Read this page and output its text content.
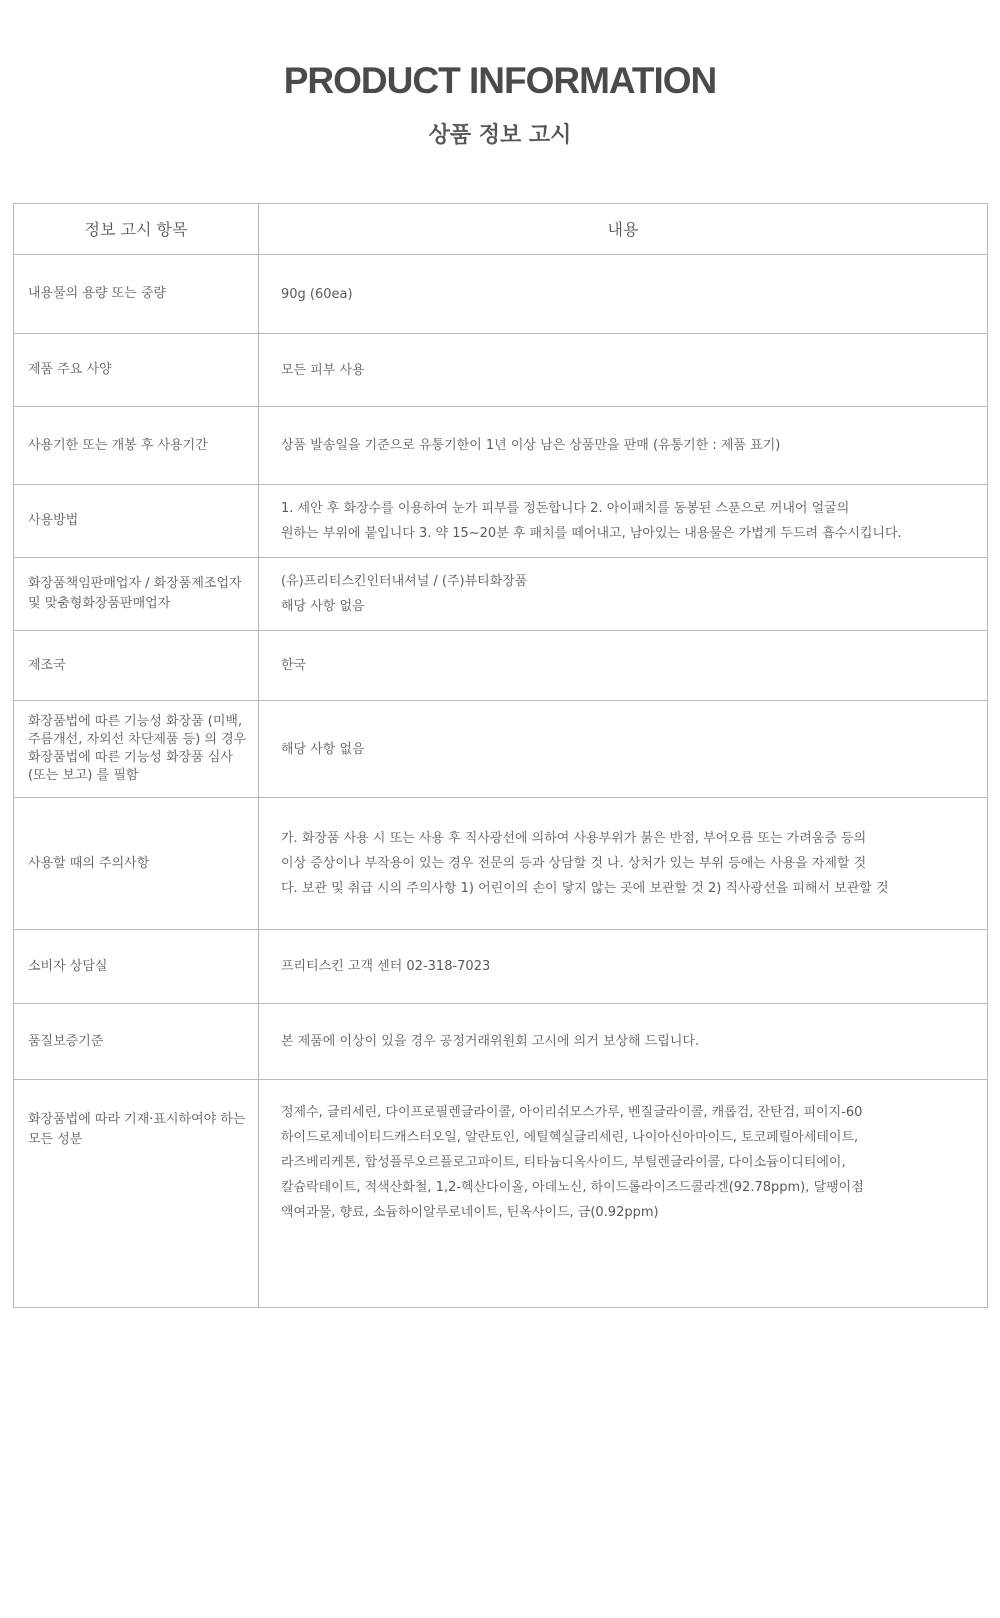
PRODUCT INFORMATION
상품 정보 고시
정보 고시 항목	내용
내용물의 용량 또는 중량	90g (60ea)
제품 주요 사양	모든 피부 사용
사용기한 또는 개봉 후 사용기간	상품 발송일을 기준으로 유통기한이 1년 이상 남은 상품만을 판매 (유통기한 : 제품 표기)
사용방법	1. 세안 후 화장수를 이용하여 눈가 피부를 정돈합니다 2. 아이패치를 동봉된 스푼으로 꺼내어 얼굴의
원하는 부위에 붙입니다 3. 약 15~20분 후 패치를 떼어내고, 남아있는 내용물은 가볍게 두드려 흡수시킵니다.
화장품책임판매업자 / 화장품제조업자
및 맞춤형화장품판매업자	(유)프리티스킨인터내셔널 / (주)뷰티화장품
해당 사항 없음
제조국	한국
화장품법에 따른 기능성 화장품 (미백,
주름개선, 자외선 차단제품 등) 의 경우
화장품법에 따른 기능성 화장품 심사
(또는 보고) 를 필함	해당 사항 없음
사용할 때의 주의사항	가. 화장품 사용 시 또는 사용 후 직사광선에 의하여 사용부위가 붉은 반점, 부어오름 또는 가려움증 등의
이상 증상이나 부작용이 있는 경우 전문의 등과 상담할 것 나. 상처가 있는 부위 등에는 사용을 자제할 것
다. 보관 및 취급 시의 주의사항 1) 어린이의 손이 닿지 않는 곳에 보관할 것 2) 직사광선을 피해서 보관할 것
소비자 상담실	프리티스킨 고객 센터 02-318-7023
품질보증기준	본 제품에 이상이 있을 경우 공정거래위원회 고시에 의거 보상해 드립니다.
화장품법에 따라 기재·표시하여야 하는
모든 성분	정제수, 글리세린, 다이프로필렌글라이콜, 아이리쉬모스가루, 벤질글라이콜, 캐롭검, 잔탄검, 피이지-60
하이드로제네이티드캐스터오일, 알란토인, 에틸헥실글리세린, 나이아신아마이드, 토코페릴아세테이트,
라즈베리케톤, 합성플루오르플로고파이트, 티타늄디옥사이드, 부틸렌글라이콜, 다이소듐이디티에이,
칼슘락테이트, 적색산화철, 1,2-헥산다이올, 아데노신, 하이드롤라이즈드콜라겐(92.78ppm), 달팽이점
액여과물, 향료, 소듐하이알루로네이트, 틴옥사이드, 금(0.92ppm)
